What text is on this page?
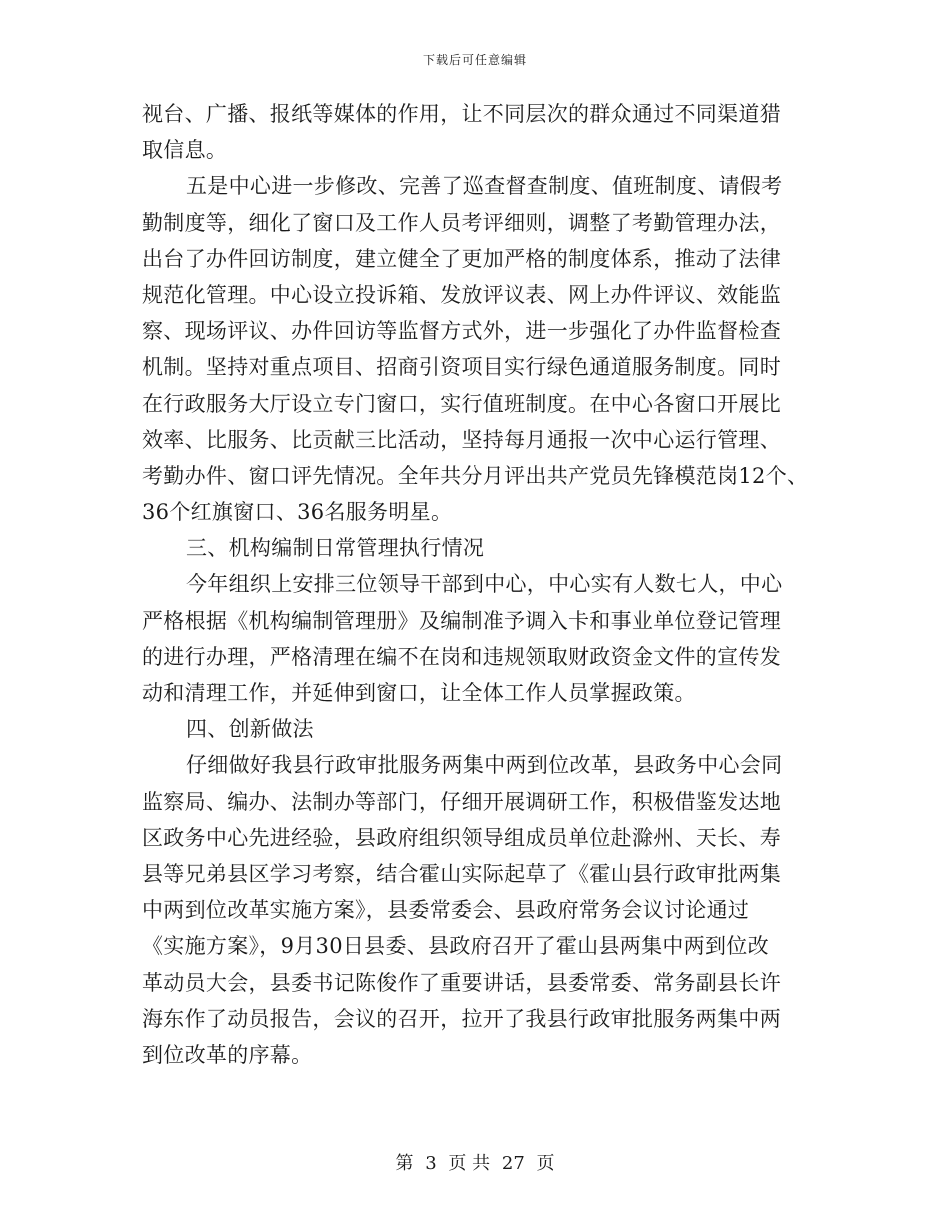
下载后可任意编辑
视台、广播、报纸等媒体的作用，让不同层次的群众通过不同渠道猎
取信息。
五是中心进一步修改、完善了巡查督查制度、值班制度、请假考
勤制度等，细化了窗口及工作人员考评细则，调整了考勤管理办法，
出台了办件回访制度，建立健全了更加严格的制度体系，推动了法律
规范化管理。中心设立投诉箱、发放评议表、网上办件评议、效能监
察、现场评议、办件回访等监督方式外，进一步强化了办件监督检查
机制。坚持对重点项目、招商引资项目实行绿色通道服务制度。同时
在行政服务大厅设立专门窗口，实行值班制度。在中心各窗口开展比
效率、比服务、比贡献三比活动，坚持每月通报一次中心运行管理、
考勤办件、窗口评先情况。全年共分月评出共产党员先锋模范岗12个、
36个红旗窗口、36名服务明星。
三、机构编制日常管理执行情况
今年组织上安排三位领导干部到中心，中心实有人数七人，中心
严格根据《机构编制管理册》及编制准予调入卡和事业单位登记管理
的进行办理，严格清理在编不在岗和违规领取财政资金文件的宣传发
动和清理工作，并延伸到窗口，让全体工作人员掌握政策。
四、创新做法
仔细做好我县行政审批服务两集中两到位改革，县政务中心会同
监察局、编办、法制办等部门，仔细开展调研工作，积极借鉴发达地
区政务中心先进经验，县政府组织领导组成员单位赴滁州、天长、寿
县等兄弟县区学习考察，结合霍山实际起草了《霍山县行政审批两集
中两到位改革实施方案》，县委常委会、县政府常务会议讨论通过
《实施方案》，9月30日县委、县政府召开了霍山县两集中两到位改
革动员大会，县委书记陈俊作了重要讲话，县委常委、常务副县长许
海东作了动员报告，会议的召开，拉开了我县行政审批服务两集中两
到位改革的序幕。
第 3 页 共 27 页
